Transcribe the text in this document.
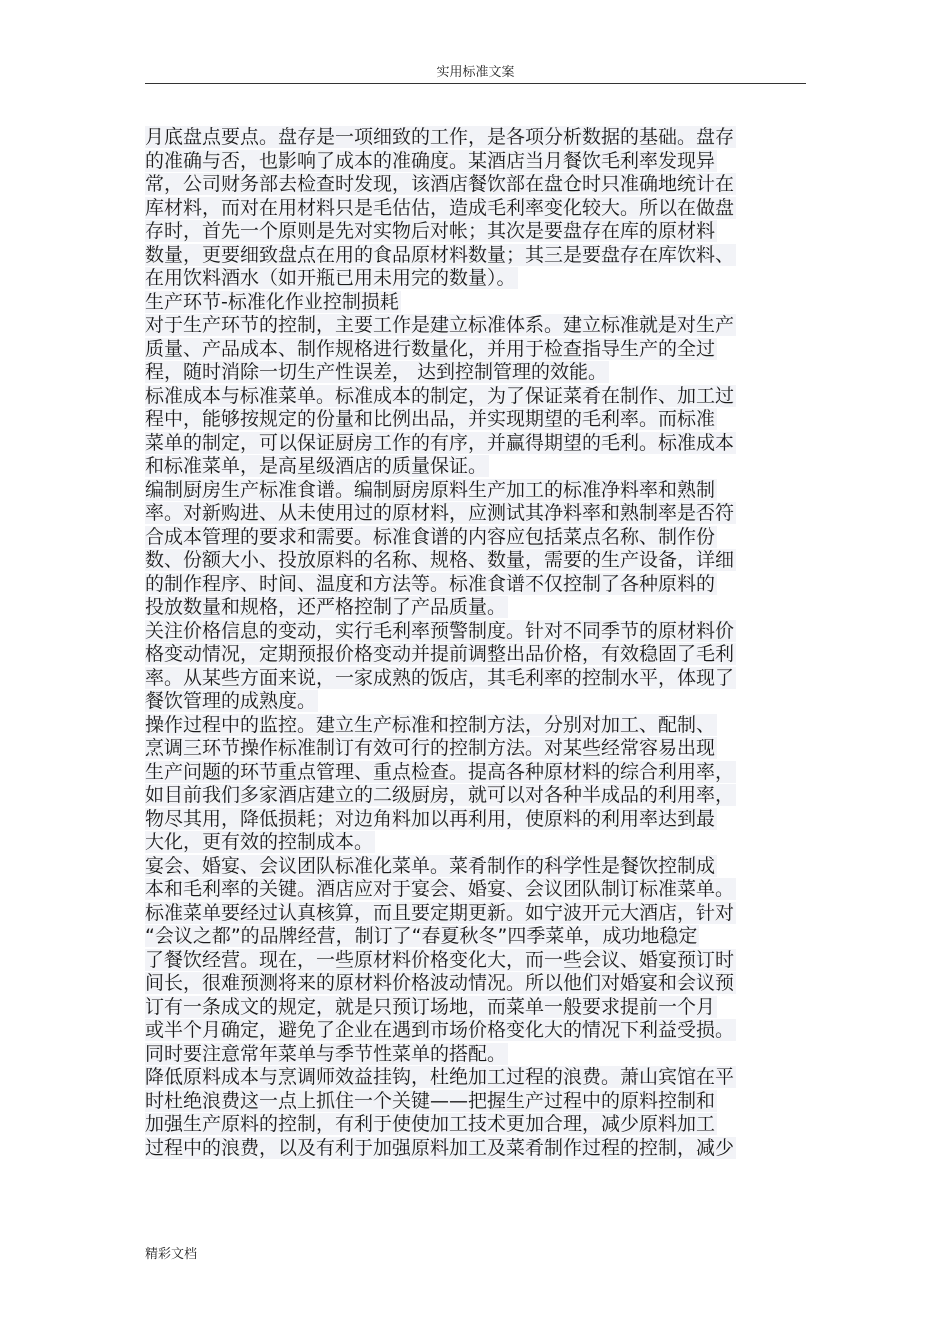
实用标准文案
月底盘点要点。盘存是一项细致的工作，是各项分析数据的基础。盘存
的准确与否，也影响了成本的准确度。某酒店当月餐饮毛利率发现异
常，公司财务部去检查时发现，该酒店餐饮部在盘仓时只准确地统计在
库材料，而对在用材料只是毛估估，造成毛利率变化较大。所以在做盘
存时，首先一个原则是先对实物后对帐；其次是要盘存在库的原材料
数量，更要细致盘点在用的食品原材料数量；其三是要盘存在库饮料、
在用饮料酒水（如开瓶已用未用完的数量）。
生产环节-标准化作业控制损耗
对于生产环节的控制，主要工作是建立标准体系。建立标准就是对生产
质量、产品成本、制作规格进行数量化，并用于检查指导生产的全过
程，随时消除一切生产性误差， 达到控制管理的效能。
标准成本与标准菜单。标准成本的制定，为了保证菜肴在制作、加工过
程中，能够按规定的份量和比例出品，并实现期望的毛利率。而标准
菜单的制定，可以保证厨房工作的有序，并赢得期望的毛利。标准成本
和标准菜单，是高星级酒店的质量保证。
编制厨房生产标准食谱。编制厨房原料生产加工的标准净料率和熟制
率。对新购进、从未使用过的原材料，应测试其净料率和熟制率是否符
合成本管理的要求和需要。标准食谱的内容应包括菜点名称、制作份
数、份额大小、投放原料的名称、规格、数量，需要的生产设备，详细
的制作程序、时间、温度和方法等。标准食谱不仅控制了各种原料的
投放数量和规格，还严格控制了产品质量。
关注价格信息的变动，实行毛利率预警制度。针对不同季节的原材料价
格变动情况，定期预报价格变动并提前调整出品价格，有效稳固了毛利
率。从某些方面来说，一家成熟的饭店，其毛利率的控制水平，体现了
餐饮管理的成熟度。
操作过程中的监控。建立生产标准和控制方法，分别对加工、配制、
烹调三环节操作标准制订有效可行的控制方法。对某些经常容易出现
生产问题的环节重点管理、重点检查。提高各种原材料的综合利用率，
如目前我们多家酒店建立的二级厨房，就可以对各种半成品的利用率，
物尽其用，降低损耗；对边角料加以再利用，使原料的利用率达到最
大化，更有效的控制成本。
宴会、婚宴、会议团队标准化菜单。菜肴制作的科学性是餐饮控制成
本和毛利率的关键。酒店应对于宴会、婚宴、会议团队制订标准菜单。
标准菜单要经过认真核算，而且要定期更新。如宁波开元大酒店，针对
“会议之都”的品牌经营，制订了“春夏秋冬”四季菜单，成功地稳定
了餐饮经营。现在，一些原材料价格变化大，而一些会议、婚宴预订时
间长，很难预测将来的原材料价格波动情况。所以他们对婚宴和会议预
订有一条成文的规定，就是只预订场地，而菜单一般要求提前一个月
或半个月确定，避免了企业在遇到市场价格变化大的情况下利益受损。
同时要注意常年菜单与季节性菜单的搭配。
降低原料成本与烹调师效益挂钩，杜绝加工过程的浪费。萧山宾馆在平
时杜绝浪费这一点上抓住一个关键——把握生产过程中的原料控制和
加强生产原料的控制，有利于使使加工技术更加合理，减少原料加工
过程中的浪费，以及有利于加强原料加工及菜肴制作过程的控制，减少
精彩文档
